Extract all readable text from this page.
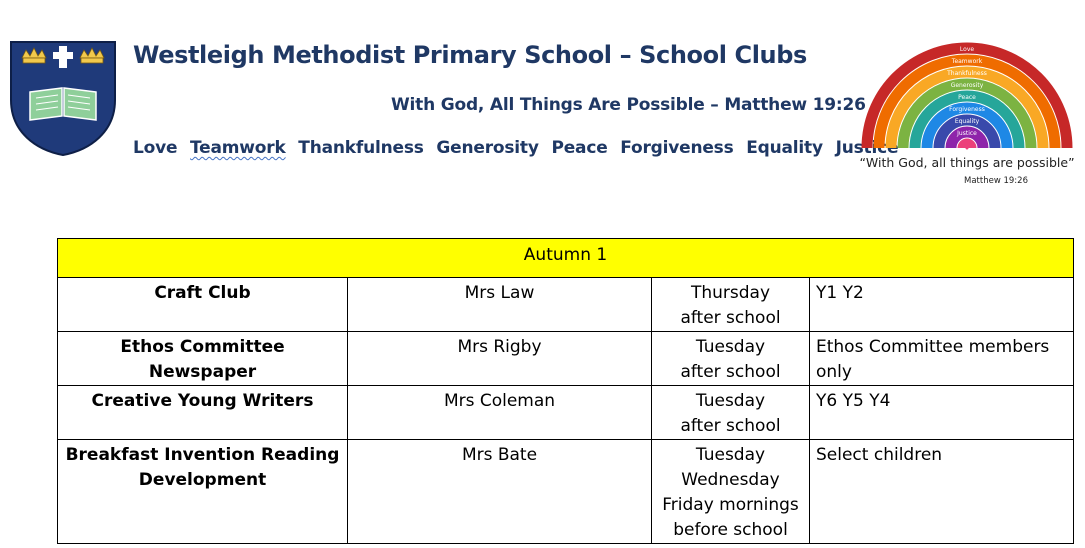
Westleigh Methodist Primary School – School Clubs
With God, All Things Are Possible – Matthew 19:26
Love Teamwork Thankfulness Generosity Peace Forgiveness Equality Justice
Love
Teamwork
Thankfulness
Generosity
Peace
Forgiveness
Equality
Justice
“With God, all things are possible”
Matthew 19:26
Autumn 1			
Craft Club	Mrs Law	Thursday
after school	Y1 Y2
Ethos Committee Newspaper	Mrs Rigby	Tuesday
after school	Ethos Committee members only
Creative Young Writers	Mrs Coleman	Tuesday
after school	Y6 Y5 Y4
Breakfast Invention Reading Development	Mrs Bate	Tuesday
Wednesday
Friday mornings
before school	Select children
